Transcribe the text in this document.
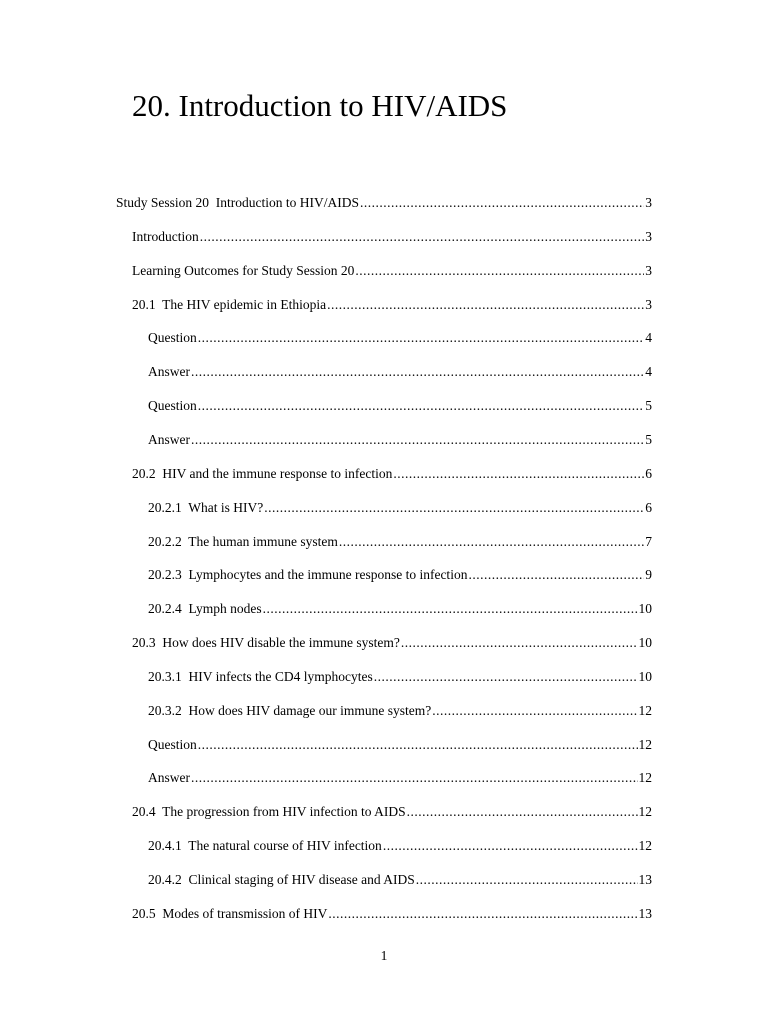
20. Introduction to HIV/AIDS
Study Session 20  Introduction to HIV/AIDS .....	3
Introduction .....	3
Learning Outcomes for Study Session 20 .....	3
20.1  The HIV epidemic in Ethiopia .....	3
Question .....	4
Answer .....	4
Question .....	5
Answer .....	5
20.2  HIV and the immune response to infection .....	6
20.2.1  What is HIV? .....	6
20.2.2  The human immune system .....	7
20.2.3  Lymphocytes and the immune response to infection .....	9
20.2.4  Lymph nodes .....	10
20.3  How does HIV disable the immune system? .....	10
20.3.1  HIV infects the CD4 lymphocytes .....	10
20.3.2  How does HIV damage our immune system? .....	12
Question .....	12
Answer .....	12
20.4  The progression from HIV infection to AIDS .....	12
20.4.1  The natural course of HIV infection .....	12
20.4.2  Clinical staging of HIV disease and AIDS .....	13
20.5  Modes of transmission of HIV .....	13
1
